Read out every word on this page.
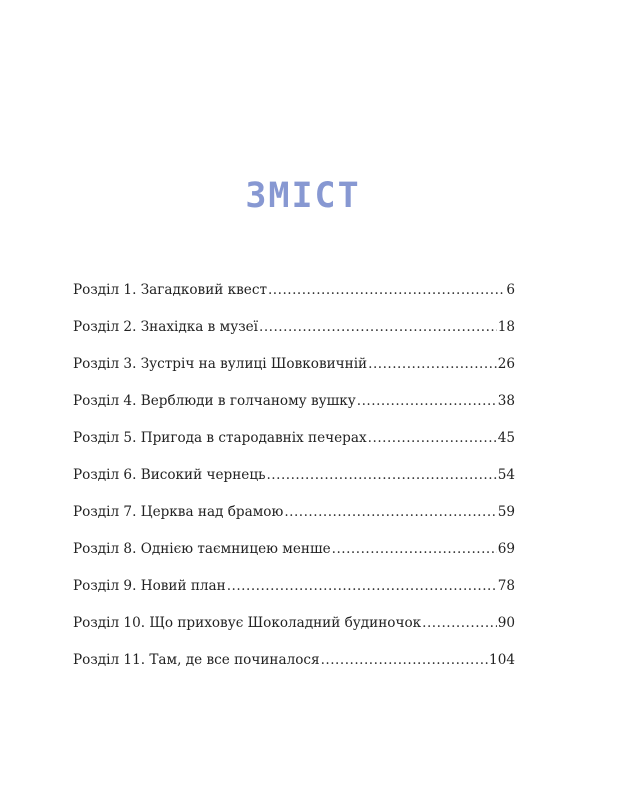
ЗМІСТ
Розділ 1. Загадковий квест .....	6
Розділ 2. Знахідка в музеї .....	18
Розділ 3. Зустріч на вулиці Шовковичній .....	26
Розділ 4. Верблюди в голчаному вушку .....	38
Розділ 5. Пригода в стародавніх печерах .....	45
Розділ 6. Високий чернець .....	54
Розділ 7. Церква над брамою .....	59
Розділ 8. Однією таємницею менше .....	69
Розділ 9. Новий план .....	78
Розділ 10. Що приховує Шоколадний будиночок .....	90
Розділ 11. Там, де все починалося .....	104
